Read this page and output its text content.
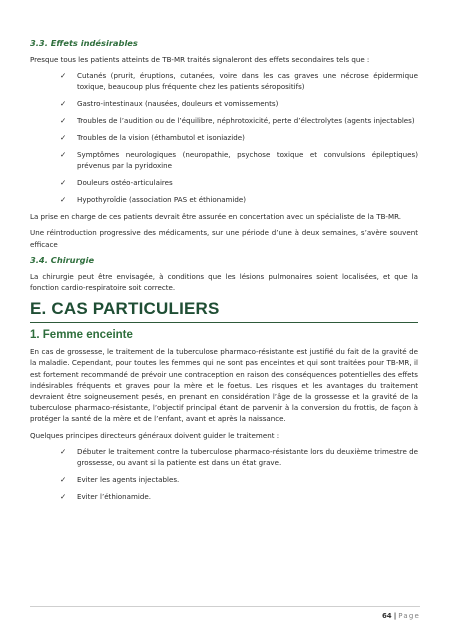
3.3. Effets indésirables

Presque tous les patients atteints de TB-MR traités signaleront des effets secondaires tels que :

✓ Cutanés (prurit, éruptions, cutanées, voire dans les cas graves une nécrose épidermique toxique, beaucoup plus fréquente chez les patients séropositifs)
✓ Gastro-intestinaux (nausées, douleurs et vomissements)
✓ Troubles de l’audition ou de l’équilibre, néphrotoxicité, perte d’électrolytes (agents injectables)
✓ Troubles de la vision (éthambutol et isoniazide)
✓ Symptômes neurologiques (neuropathie, psychose toxique et convulsions épileptiques) prévenus par la pyridoxine
✓ Douleurs ostéo-articulaires
✓ Hypothyroïdie (association PAS et éthionamide)

La prise en charge de ces patients devrait être assurée en concertation avec un spécialiste de la TB-MR.

Une réintroduction progressive des médicaments, sur une période d’une à deux semaines, s’avère souvent efficace

3.4. Chirurgie

La chirurgie peut être envisagée, à conditions que les lésions pulmonaires soient localisées, et que la fonction cardio-respiratoire soit correcte.

E. CAS PARTICULIERS
1. Femme enceinte

En cas de grossesse, le traitement de la tuberculose pharmaco-résistante est justifié du fait de la gravité de la maladie. Cependant, pour toutes les femmes qui ne sont pas enceintes et qui sont traitées pour TB-MR, il est fortement recommandé de prévoir une contraception en raison des conséquences potentielles des effets indésirables fréquents et graves pour la mère et le foetus. Les risques et les avantages du traitement devraient être soigneusement pesés, en prenant en considération l’âge de la grossesse et la gravité de la tuberculose pharmaco-résistante, l’objectif principal étant de parvenir à la conversion du frottis, de façon à protéger la santé de la mère et de l’enfant, avant et après la naissance.

Quelques principes directeurs généraux doivent guider le traitement :

✓ Débuter le traitement contre la tuberculose pharmaco-résistante lors du deuxième trimestre de grossesse, ou avant si la patiente est dans un état grave.
✓ Eviter les agents injectables.
✓ Eviter l’éthionamide.
64 | Page
